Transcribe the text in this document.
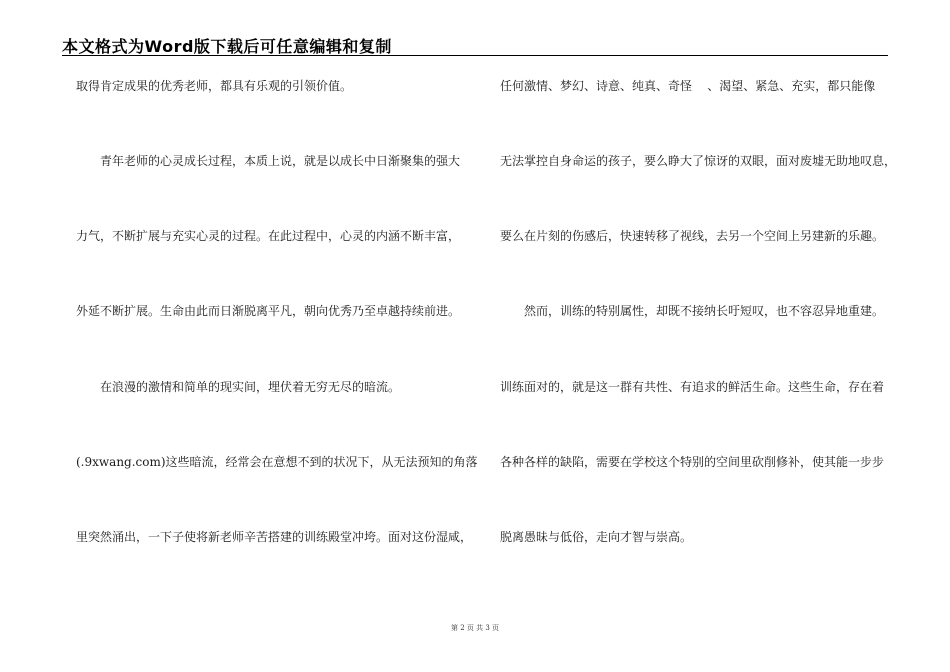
本文格式为Word版下载后可任意编辑和复制
取得肯定成果的优秀老师，都具有乐观的引领价值。
青年老师的心灵成长过程，本质上说，就是以成长中日渐聚集的强大
力气，不断扩展与充实心灵的过程。在此过程中，心灵的内涵不断丰富，
外延不断扩展。生命由此而日渐脱离平凡，朝向优秀乃至卓越持续前进。
在浪漫的激情和简单的现实间，埋伏着无穷无尽的暗流。
(.9xwang.com)这些暗流，经常会在意想不到的状况下，从无法预知的角落
里突然涌出，一下子使将新老师辛苦搭建的训练殿堂冲垮。面对这份湿咸，
任何激情、梦幻、诗意、纯真、奇怪    、渴望、紧急、充实，都只能像
无法掌控自身命运的孩子，要么睁大了惊讶的双眼，面对废墟无助地叹息，
要么在片刻的伤感后，快速转移了视线，去另一个空间上另建新的乐趣。
然而，训练的特别属性，却既不接纳长吁短叹，也不容忍异地重建。
训练面对的，就是这一群有共性、有追求的鲜活生命。这些生命，存在着
各种各样的缺陷，需要在学校这个特别的空间里砍削修补，使其能一步步
脱离愚昧与低俗，走向才智与崇高。
第 2 页 共 3 页
